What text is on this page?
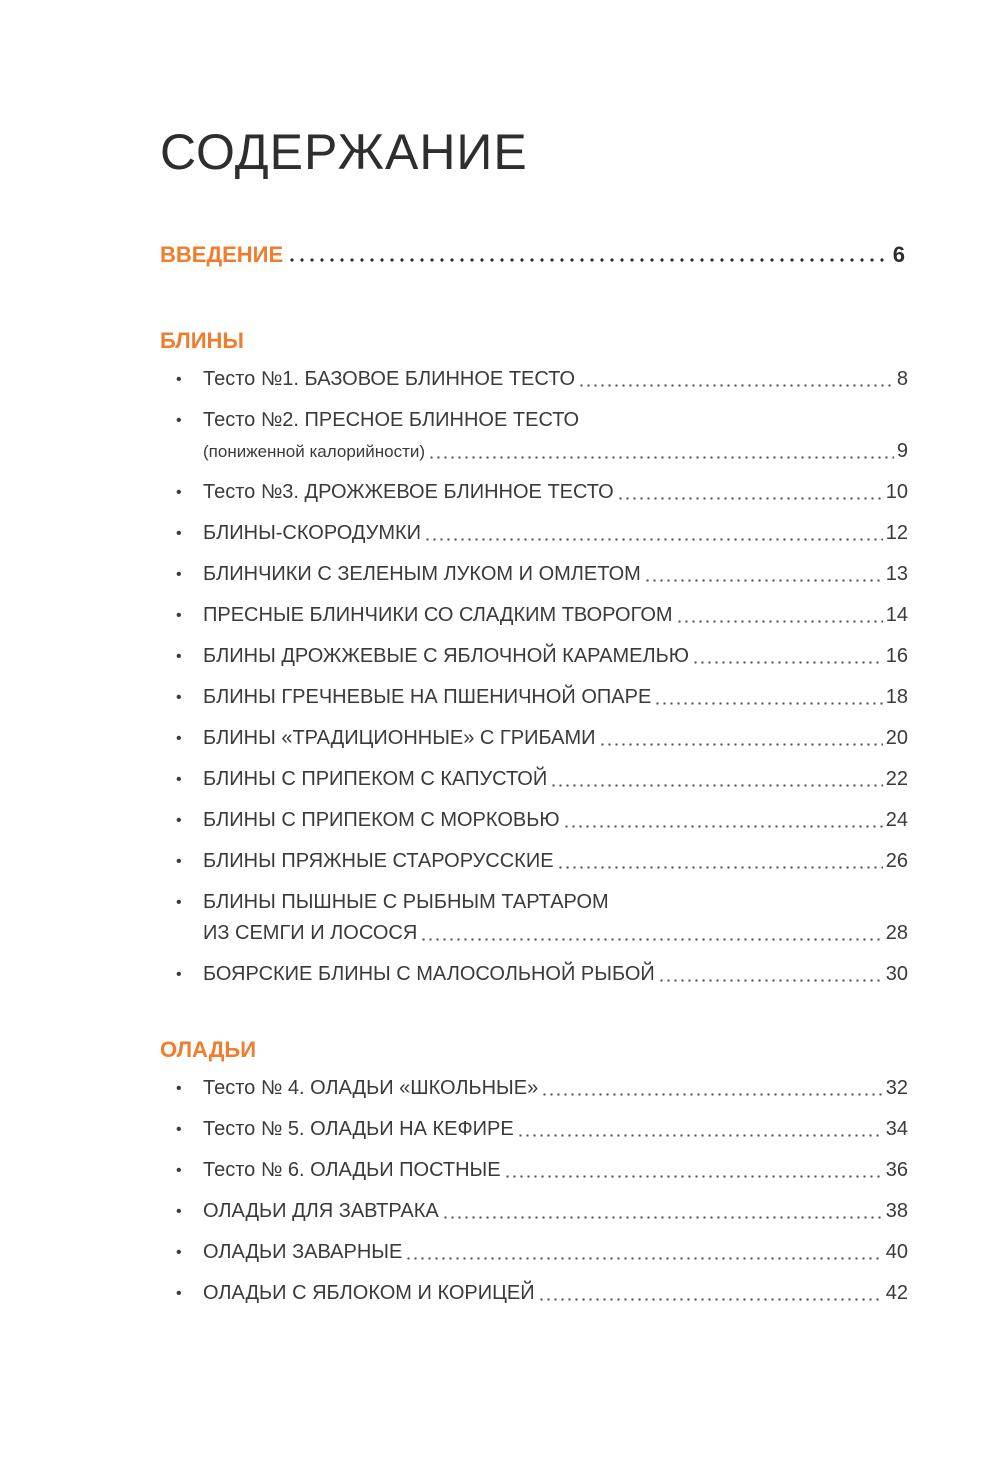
СОДЕРЖАНИЕ
ВВЕДЕНИЕ	6
БЛИНЫ
• Тесто №1. БАЗОВОЕ БЛИННОЕ ТЕСТО	8
• Тесто №2. ПРЕСНОЕ БЛИННОЕ ТЕСТО
(пониженной калорийности)	9
• Тесто №3. ДРОЖЖЕВОЕ БЛИННОЕ ТЕСТО	10
• БЛИНЫ-СКОРОДУМКИ	12
• БЛИНЧИКИ С ЗЕЛЕНЫМ ЛУКОМ И ОМЛЕТОМ	13
• ПРЕСНЫЕ БЛИНЧИКИ СО СЛАДКИМ ТВОРОГОМ	14
• БЛИНЫ ДРОЖЖЕВЫЕ С ЯБЛОЧНОЙ КАРАМЕЛЬЮ	16
• БЛИНЫ ГРЕЧНЕВЫЕ НА ПШЕНИЧНОЙ ОПАРЕ	18
• БЛИНЫ «ТРАДИЦИОННЫЕ» С ГРИБАМИ	20
• БЛИНЫ С ПРИПЕКОМ С КАПУСТОЙ	22
• БЛИНЫ С ПРИПЕКОМ С МОРКОВЬЮ	24
• БЛИНЫ ПРЯЖНЫЕ СТАРОРУССКИЕ	26
• БЛИНЫ ПЫШНЫЕ С РЫБНЫМ ТАРТАРОМ
ИЗ СЕМГИ И ЛОСОСЯ	28
• БОЯРСКИЕ БЛИНЫ С МАЛОСОЛЬНОЙ РЫБОЙ	30
ОЛАДЬИ
• Тесто № 4. ОЛАДЬИ «ШКОЛЬНЫЕ»	32
• Тесто № 5. ОЛАДЬИ НА КЕФИРЕ	34
• Тесто № 6. ОЛАДЬИ ПОСТНЫЕ	36
• ОЛАДЬИ ДЛЯ ЗАВТРАКА	38
• ОЛАДЬИ ЗАВАРНЫЕ	40
• ОЛАДЬИ С ЯБЛОКОМ И КОРИЦЕЙ	42
